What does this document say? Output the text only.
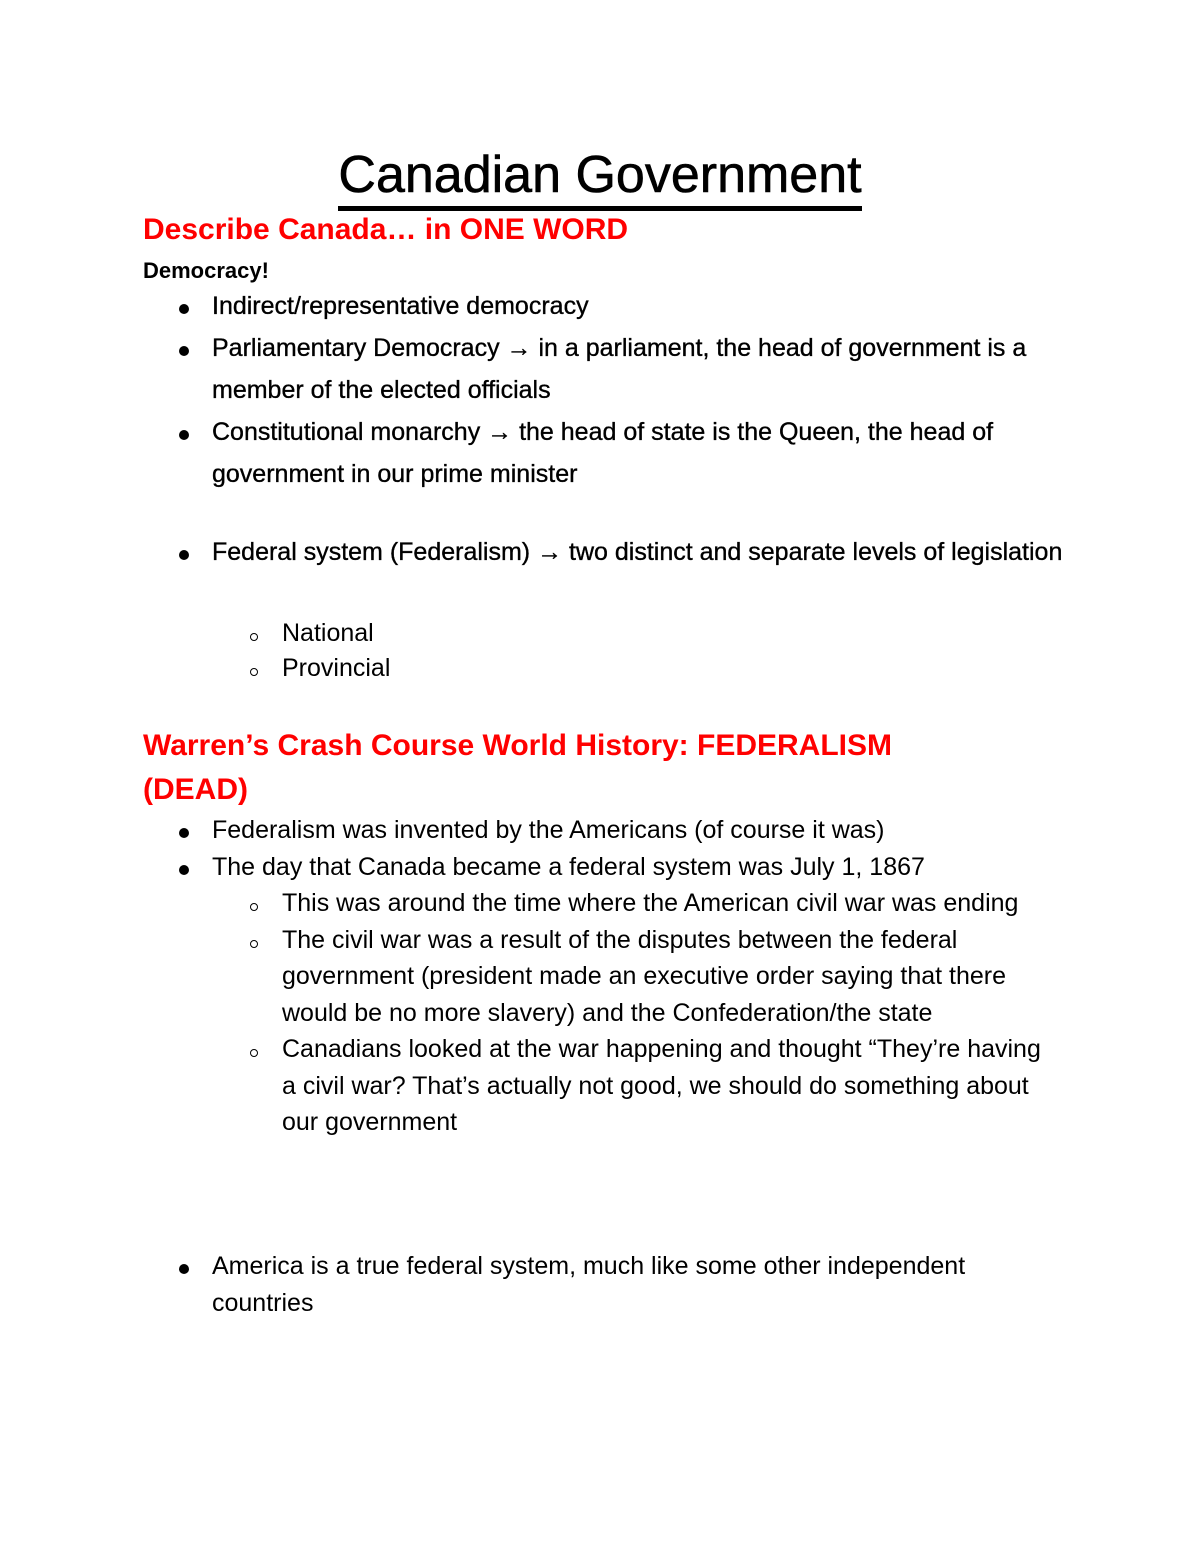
Canadian Government
Describe Canada… in ONE WORD
Democracy!
Indirect/representative democracy
Parliamentary Democracy → in a parliament, the head of government is a member of the elected officials
Constitutional monarchy → the head of state is the Queen, the head of government in our prime minister
Federal system (Federalism) → two distinct and separate levels of legislation
National
Provincial
Warren’s Crash Course World History: FEDERALISM
(DEAD)
Federalism was invented by the Americans (of course it was)
The day that Canada became a federal system was July 1, 1867
This was around the time where the American civil war was ending
The civil war was a result of the disputes between the federal government (president made an executive order saying that there would be no more slavery) and the Confederation/the state
Canadians looked at the war happening and thought “They’re having a civil war? That’s actually not good, we should do something about our government
America is a true federal system, much like some other independent countries
